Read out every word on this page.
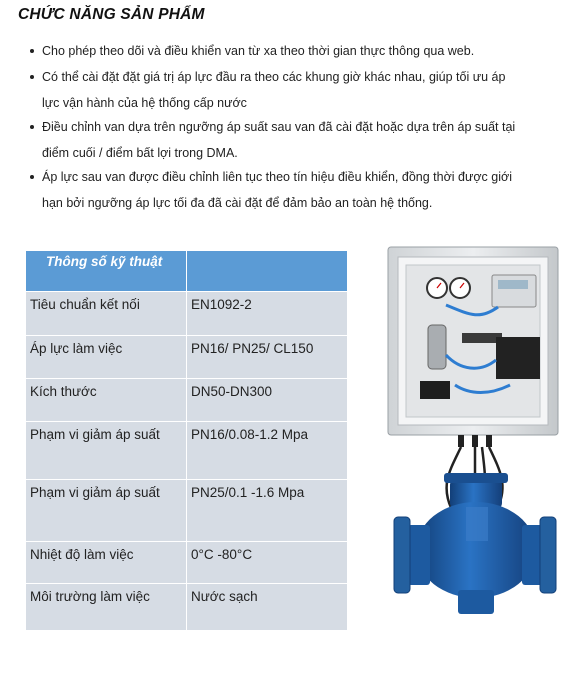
CHỨC NĂNG SẢN PHẨM
Cho phép theo dõi và điều khiển van từ xa theo thời gian thực thông qua web.
Có thể cài đặt đặt giá trị áp lực đầu ra theo các khung giờ khác nhau, giúp tối ưu áp
lực vận hành của hệ thống cấp nước
Điều chỉnh van dựa trên ngưỡng áp suất sau van đã cài đặt hoặc dựa trên áp suất tại
điểm cuối / điểm bất lợi trong DMA.
Áp lực sau van được điều chỉnh liên tục theo tín hiệu điều khiển, đồng thời được giới
hạn bởi ngưỡng áp lực tối đa đã cài đặt để đảm bảo an toàn hệ thống.
Thông số kỹ thuật	
Tiêu chuẩn kết nối	EN1092-2
Áp lực làm việc	PN16/ PN25/ CL150
Kích thước	DN50-DN300
Phạm vi giảm áp suất	PN16/0.08-1.2 Mpa
Phạm vi giảm áp suất	PN25/0.1 -1.6 Mpa
Nhiệt độ làm việc	0°C -80°C
Môi trường làm việc	Nước sạch
